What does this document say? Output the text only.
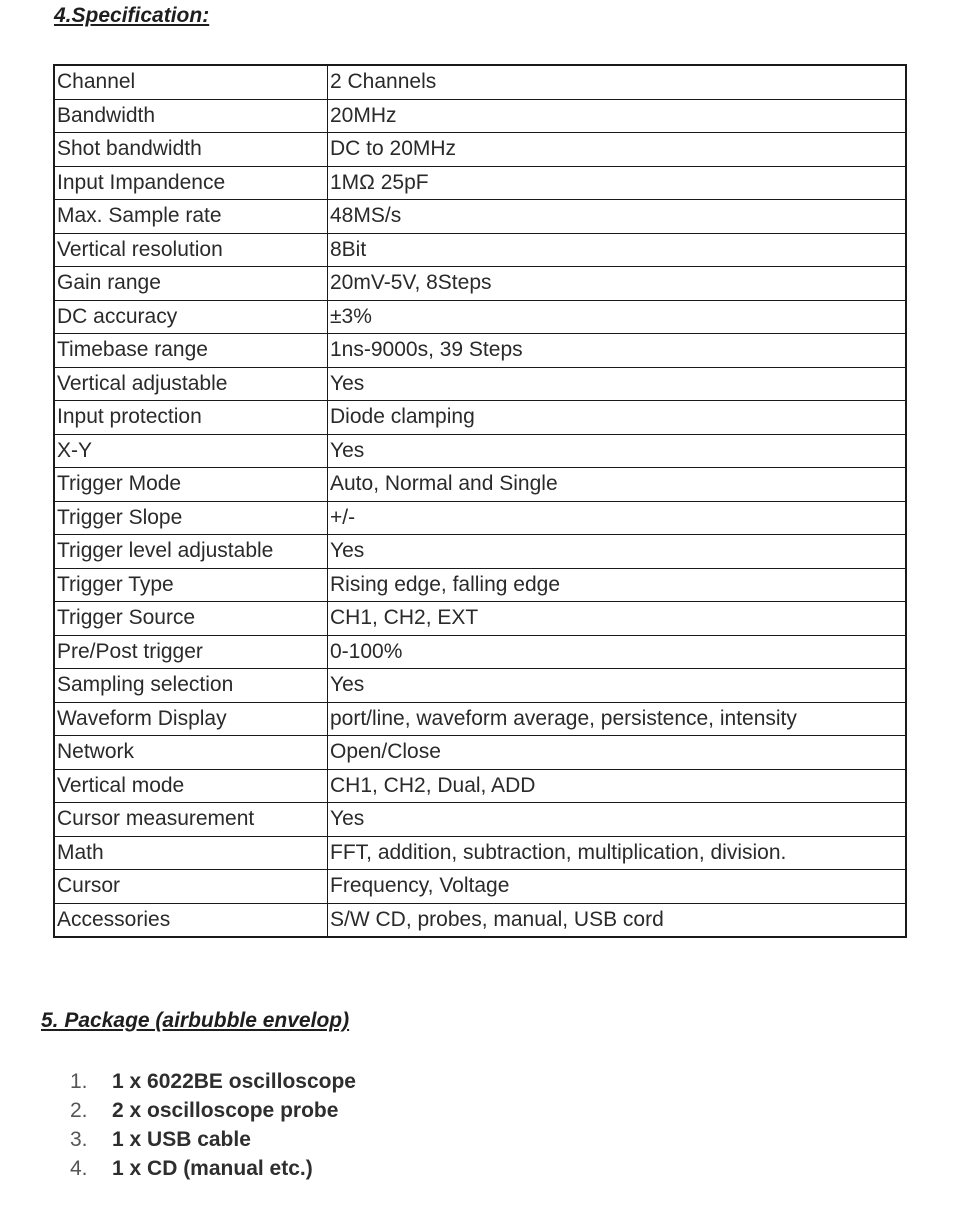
4.Specification:
Channel	2 Channels
Bandwidth	20MHz
Shot bandwidth	DC to 20MHz
Input Impandence	1MΩ 25pF
Max. Sample rate	48MS/s
Vertical resolution	8Bit
Gain range	20mV-5V, 8Steps
DC accuracy	±3%
Timebase range	1ns-9000s, 39 Steps
Vertical adjustable	Yes
Input protection	Diode clamping
X-Y	Yes
Trigger Mode	Auto, Normal and Single
Trigger Slope	+/-
Trigger level adjustable	Yes
Trigger Type	Rising edge, falling edge
Trigger Source	CH1, CH2, EXT
Pre/Post trigger	0-100%
Sampling selection	Yes
Waveform Display	port/line, waveform average, persistence, intensity
Network	Open/Close
Vertical mode	CH1, CH2, Dual, ADD
Cursor measurement	Yes
Math	FFT, addition, subtraction, multiplication, division.
Cursor	Frequency, Voltage
Accessories	S/W CD, probes, manual, USB cord
5. Package (airbubble envelop)
1. 1 x 6022BE oscilloscope
2. 2 x oscilloscope probe
3. 1 x USB cable
4. 1 x CD (manual etc.)
